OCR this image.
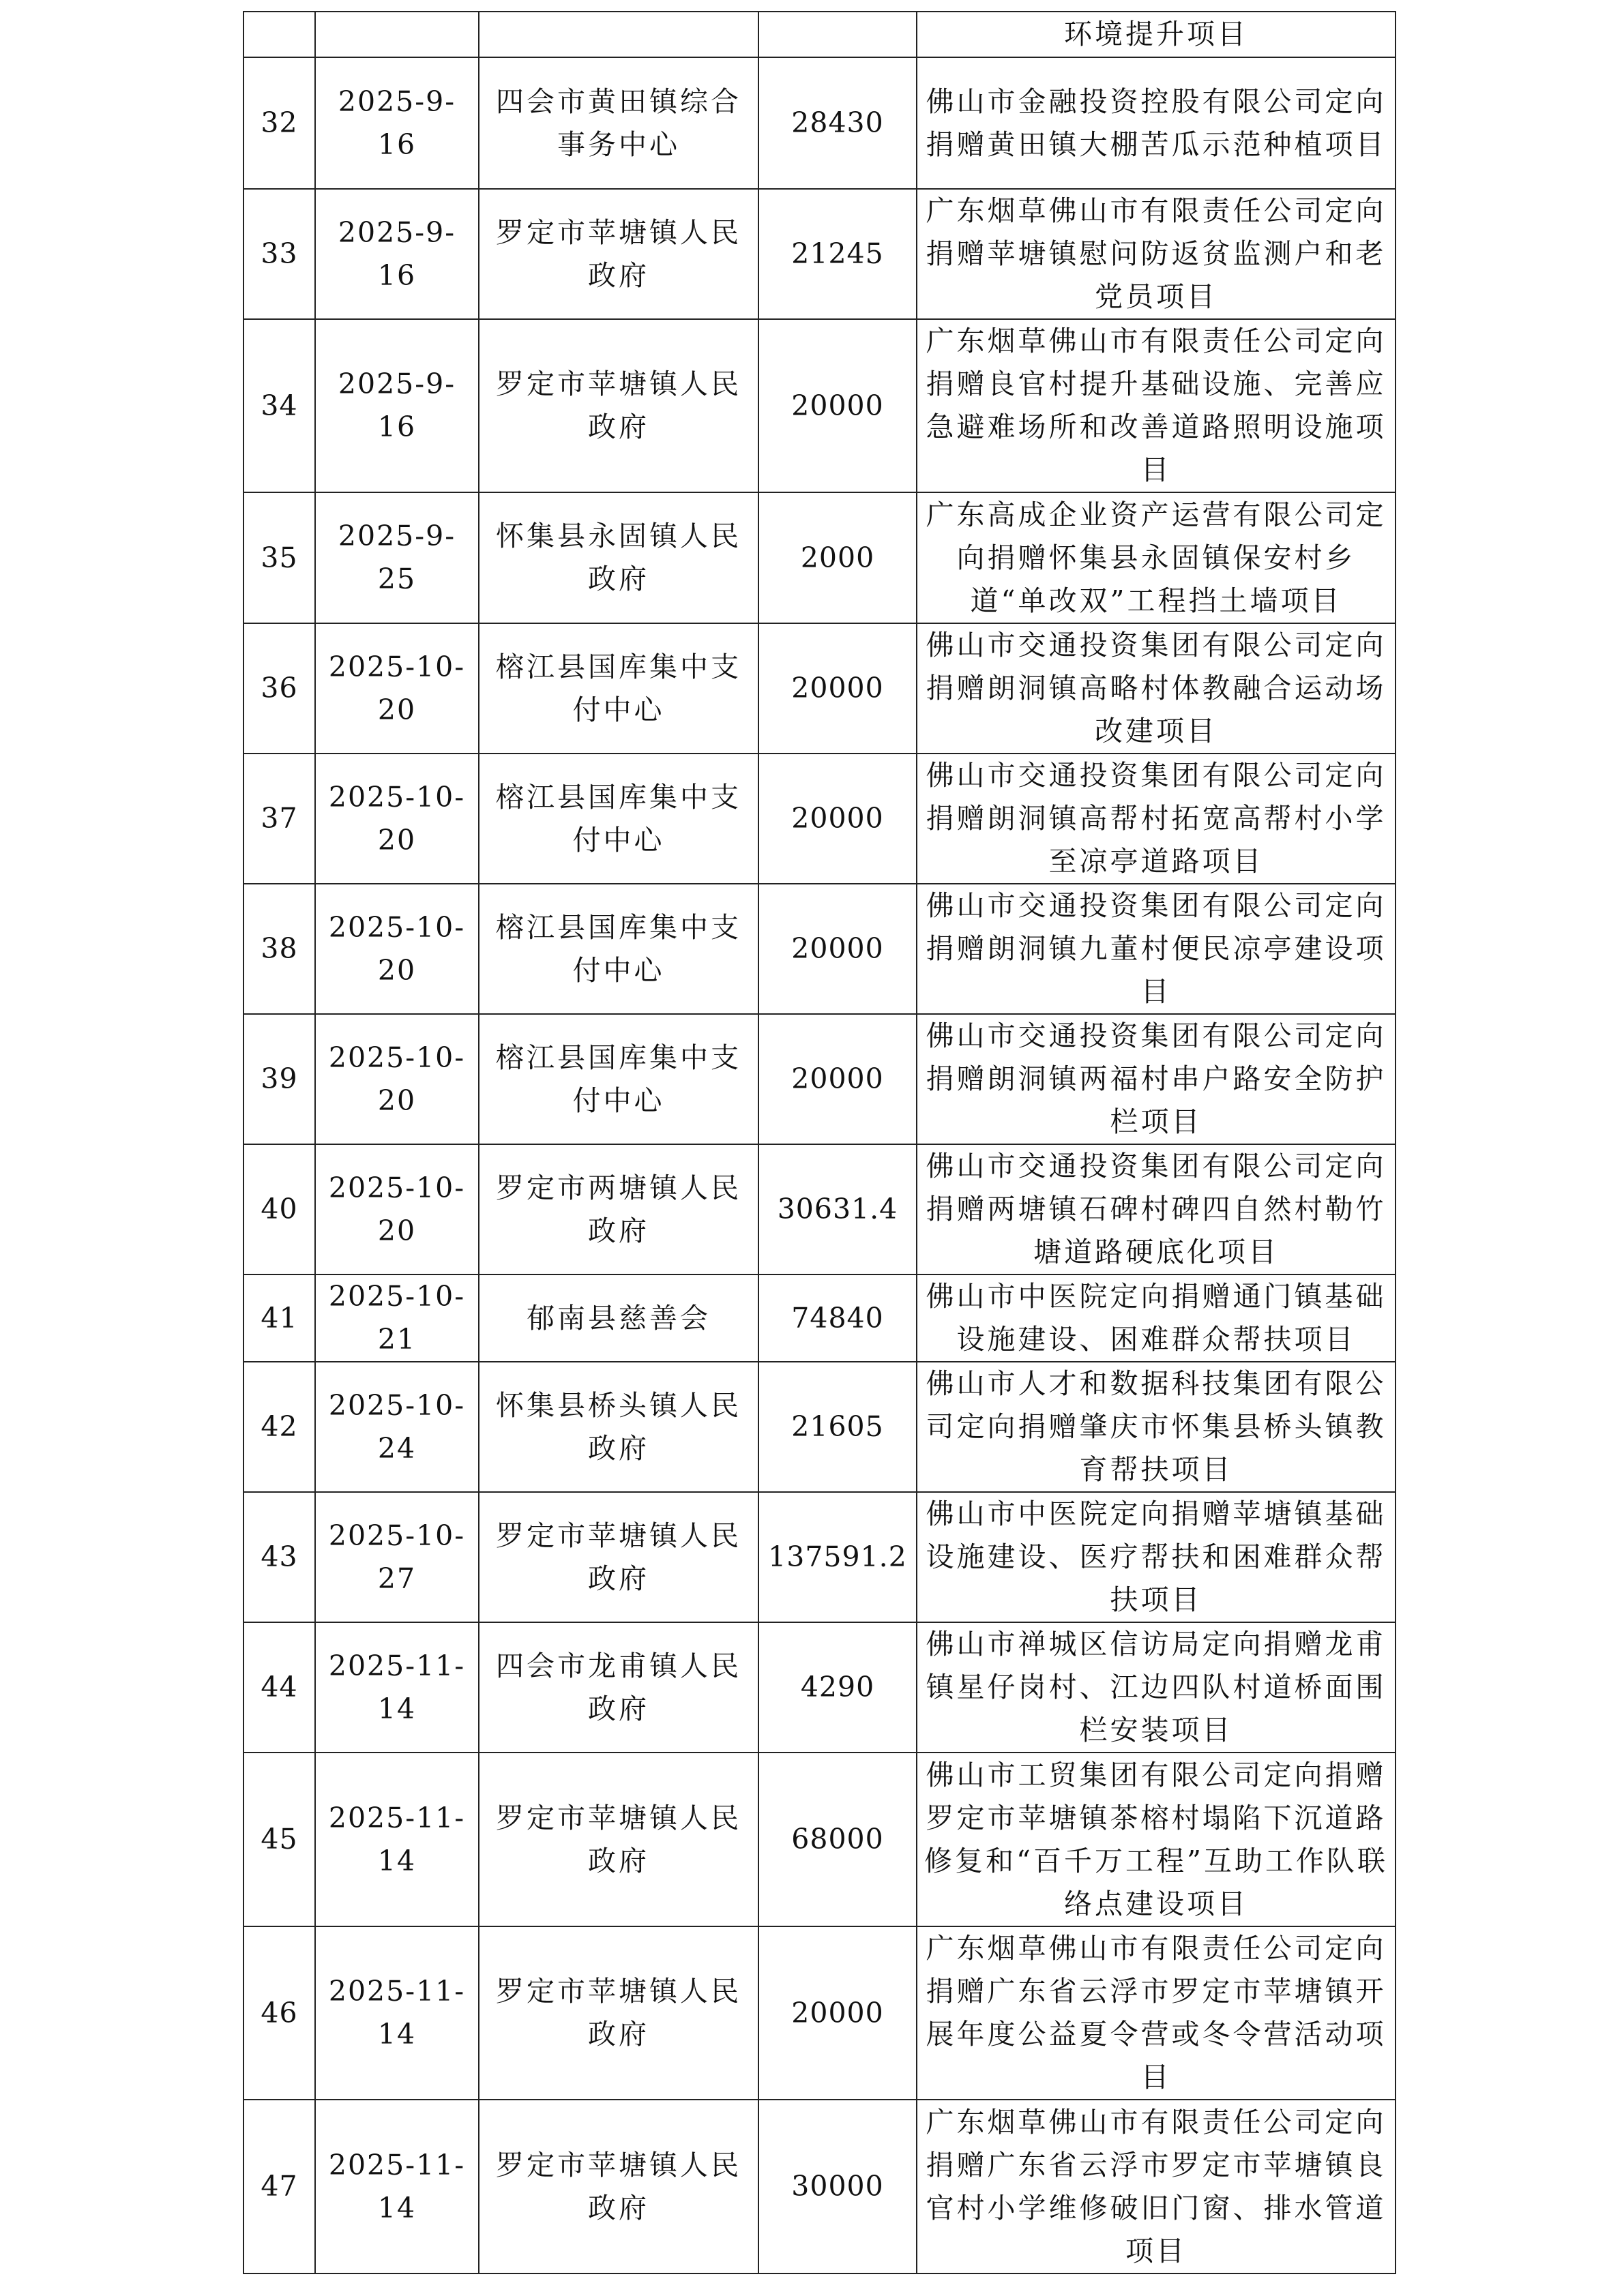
				环境提升项目
32	2025-9-16	四会市黄田镇综合事务中心	28430	佛山市金融投资控股有限公司定向捐赠黄田镇大棚苦瓜示范种植项目
33	2025-9-16	罗定市苹塘镇人民政府	21245	广东烟草佛山市有限责任公司定向捐赠苹塘镇慰问防返贫监测户和老党员项目
34	2025-9-16	罗定市苹塘镇人民政府	20000	广东烟草佛山市有限责任公司定向捐赠良官村提升基础设施、完善应急避难场所和改善道路照明设施项目
35	2025-9-25	怀集县永固镇人民政府	2000	广东高成企业资产运营有限公司定向捐赠怀集县永固镇保安村乡道“单改双”工程挡土墙项目
36	2025-10-20	榕江县国库集中支付中心	20000	佛山市交通投资集团有限公司定向捐赠朗洞镇高略村体教融合运动场改建项目
37	2025-10-20	榕江县国库集中支付中心	20000	佛山市交通投资集团有限公司定向捐赠朗洞镇高帮村拓宽高帮村小学至凉亭道路项目
38	2025-10-20	榕江县国库集中支付中心	20000	佛山市交通投资集团有限公司定向捐赠朗洞镇九董村便民凉亭建设项目
39	2025-10-20	榕江县国库集中支付中心	20000	佛山市交通投资集团有限公司定向捐赠朗洞镇两福村串户路安全防护栏项目
40	2025-10-20	罗定市两塘镇人民政府	30631.4	佛山市交通投资集团有限公司定向捐赠两塘镇石碑村碑四自然村勒竹塘道路硬底化项目
41	2025-10-21	郁南县慈善会	74840	佛山市中医院定向捐赠通门镇基础设施建设、困难群众帮扶项目
42	2025-10-24	怀集县桥头镇人民政府	21605	佛山市人才和数据科技集团有限公司定向捐赠肇庆市怀集县桥头镇教育帮扶项目
43	2025-10-27	罗定市苹塘镇人民政府	137591.2	佛山市中医院定向捐赠苹塘镇基础设施建设、医疗帮扶和困难群众帮扶项目
44	2025-11-14	四会市龙甫镇人民政府	4290	佛山市禅城区信访局定向捐赠龙甫镇星仔岗村、江边四队村道桥面围栏安装项目
45	2025-11-14	罗定市苹塘镇人民政府	68000	佛山市工贸集团有限公司定向捐赠罗定市苹塘镇茶榕村塌陷下沉道路修复和“百千万工程”互助工作队联络点建设项目
46	2025-11-14	罗定市苹塘镇人民政府	20000	广东烟草佛山市有限责任公司定向捐赠广东省云浮市罗定市苹塘镇开展年度公益夏令营或冬令营活动项目
47	2025-11-14	罗定市苹塘镇人民政府	30000	广东烟草佛山市有限责任公司定向捐赠广东省云浮市罗定市苹塘镇良官村小学维修破旧门窗、排水管道项目
